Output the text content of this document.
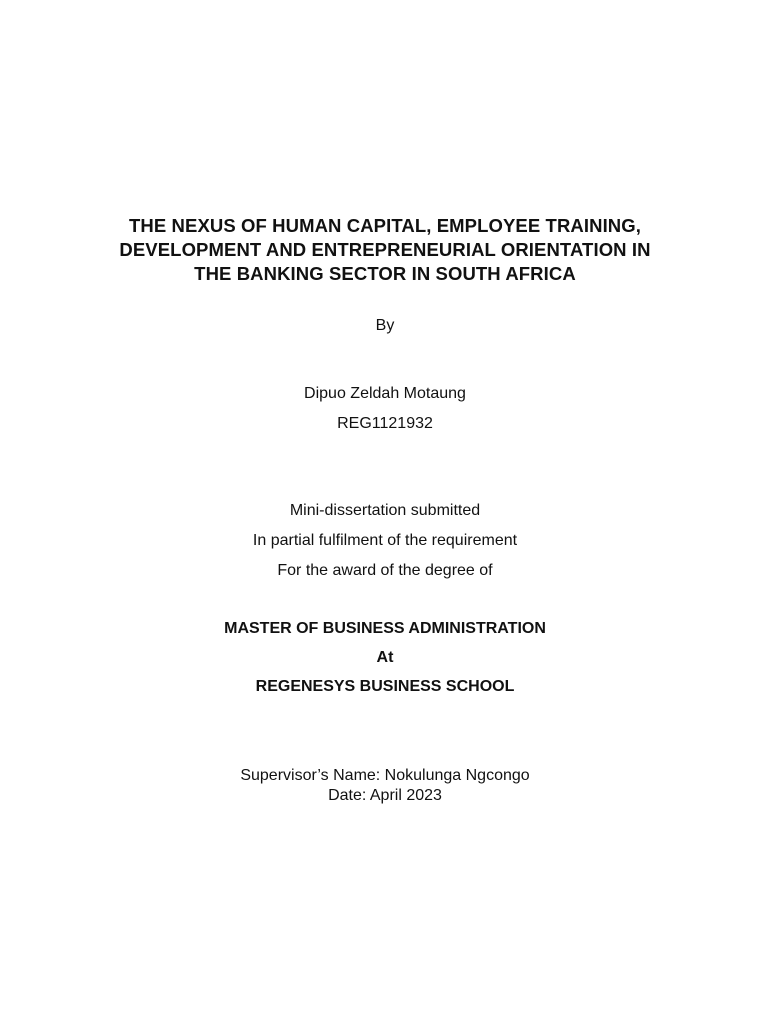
THE NEXUS OF HUMAN CAPITAL, EMPLOYEE TRAINING,
DEVELOPMENT AND ENTREPRENEURIAL ORIENTATION IN
THE BANKING SECTOR IN SOUTH AFRICA
By
Dipuo Zeldah Motaung
REG1121932
Mini-dissertation submitted
In partial fulfilment of the requirement
For the award of the degree of
MASTER OF BUSINESS ADMINISTRATION
At
REGENESYS BUSINESS SCHOOL
Supervisor’s Name: Nokulunga Ngcongo
Date: April 2023
